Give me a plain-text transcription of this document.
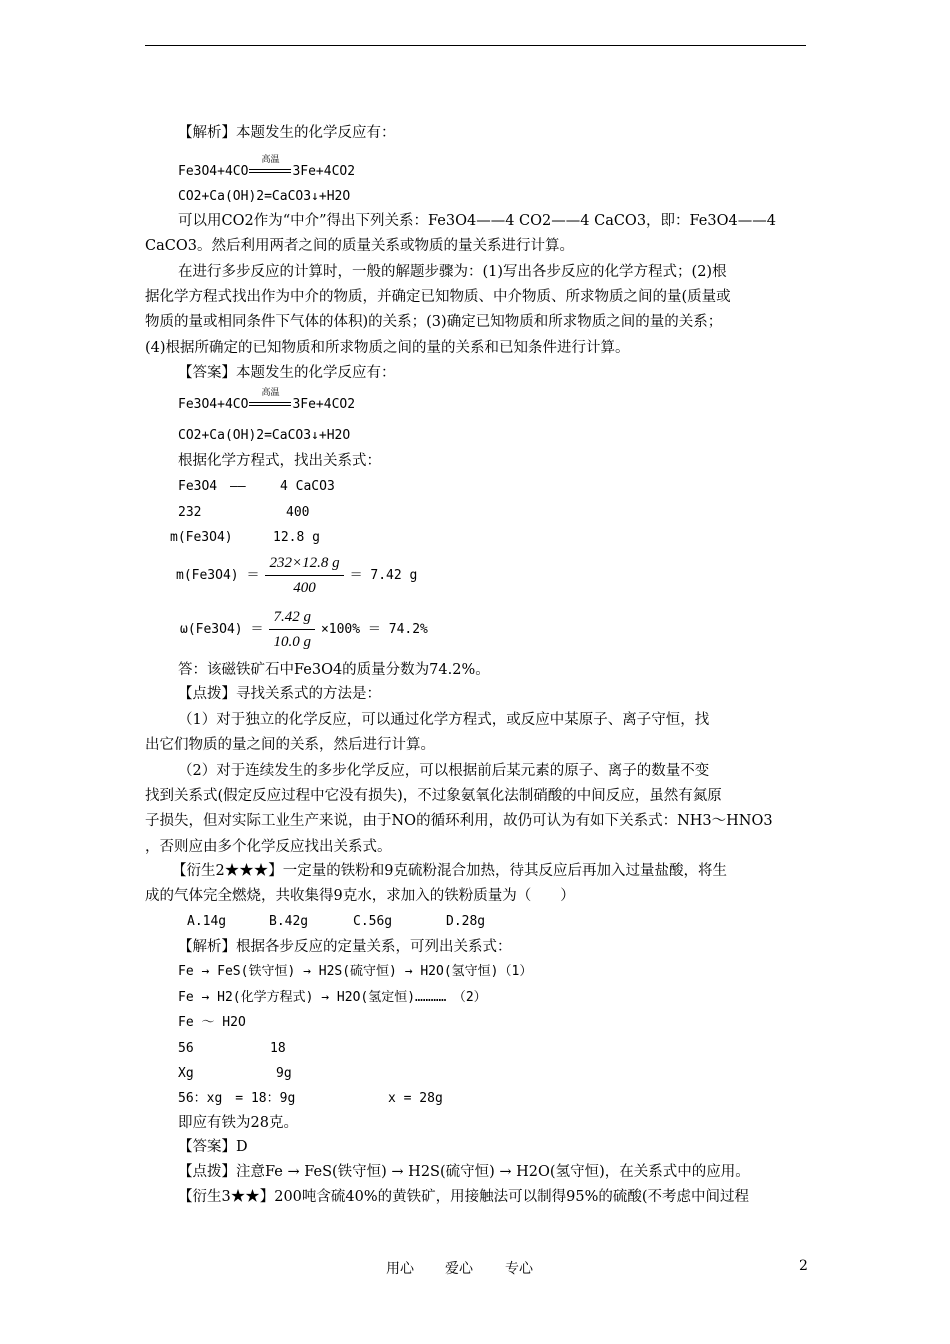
【解析】本题发生的化学反应有：
Fe3O4+4CO
高温
3Fe+4CO2
CO2+Ca(OH)2=CaCO3↓+H2O
可以用CO2作为“中介”得出下列关系：Fe3O4——4 CO2——4 CaCO3，即：Fe3O4——4
CaCO3。然后利用两者之间的质量关系或物质的量关系进行计算。
在进行多步反应的计算时，一般的解题步骤为：(1)写出各步反应的化学方程式；(2)根
据化学方程式找出作为中介的物质，并确定已知物质、中介物质、所求物质之间的量(质量或
物质的量或相同条件下气体的体积)的关系；(3)确定已知物质和所求物质之间的量的关系；
(4)根据所确定的已知物质和所求物质之间的量的关系和已知条件进行计算。
【答案】本题发生的化学反应有：
Fe3O4+4CO
高温
3Fe+4CO2
CO2+Ca(OH)2=CaCO3↓+H2O
根据化学方程式，找出关系式：
Fe3O4 ——	4 CaCO3
232	400
m(Fe3O4)	12.8 g
$m(Fe3O4) = \frac{232\times 12.8 g}{400} = 7.42$ g
$\omega(Fe3O4) = \frac{7.42 g}{10.0 g} \times 100\% = 74.2\%$
答：该磁铁矿石中Fe3O4的质量分数为74.2%。
【点拨】寻找关系式的方法是：
（1）对于独立的化学反应，可以通过化学方程式，或反应中某原子、离子守恒，找
出它们物质的量之间的关系，然后进行计算。
（2）对于连续发生的多步化学反应，可以根据前后某元素的原子、离子的数量不变
找到关系式(假定反应过程中它没有损失)，不过象氨氧化法制硝酸的中间反应，虽然有氮原
子损失，但对实际工业生产来说，由于NO的循环利用，故仍可认为有如下关系式：NH3～HNO3
，否则应由多个化学反应找出关系式。
【衍生2★★★】一定量的铁粉和9克硫粉混合加热，待其反应后再加入过量盐酸，将生
成的气体完全燃烧，共收集得9克水，求加入的铁粉质量为（　　）
A.14g	B.42g	C.56g	D.28g
【解析】根据各步反应的定量关系，可列出关系式：
Fe → FeS(铁守恒) → H2S(硫守恒) → H2O(氢守恒)（1）
Fe → H2(化学方程式) → H2O(氢定恒)…………　（2）
Fe ～ H2O
56	18
Xg	9g
56：xg　= 18：9g	x = 28g
即应有铁为28克。
【答案】D
【点拨】注意Fe → FeS(铁守恒) → H2S(硫守恒) → H2O(氢守恒)，在关系式中的应用。
【衍生3★★】200吨含硫40%的黄铁矿，用接触法可以制得95%的硫酸(不考虑中间过程
用心 爱心 专心	2
